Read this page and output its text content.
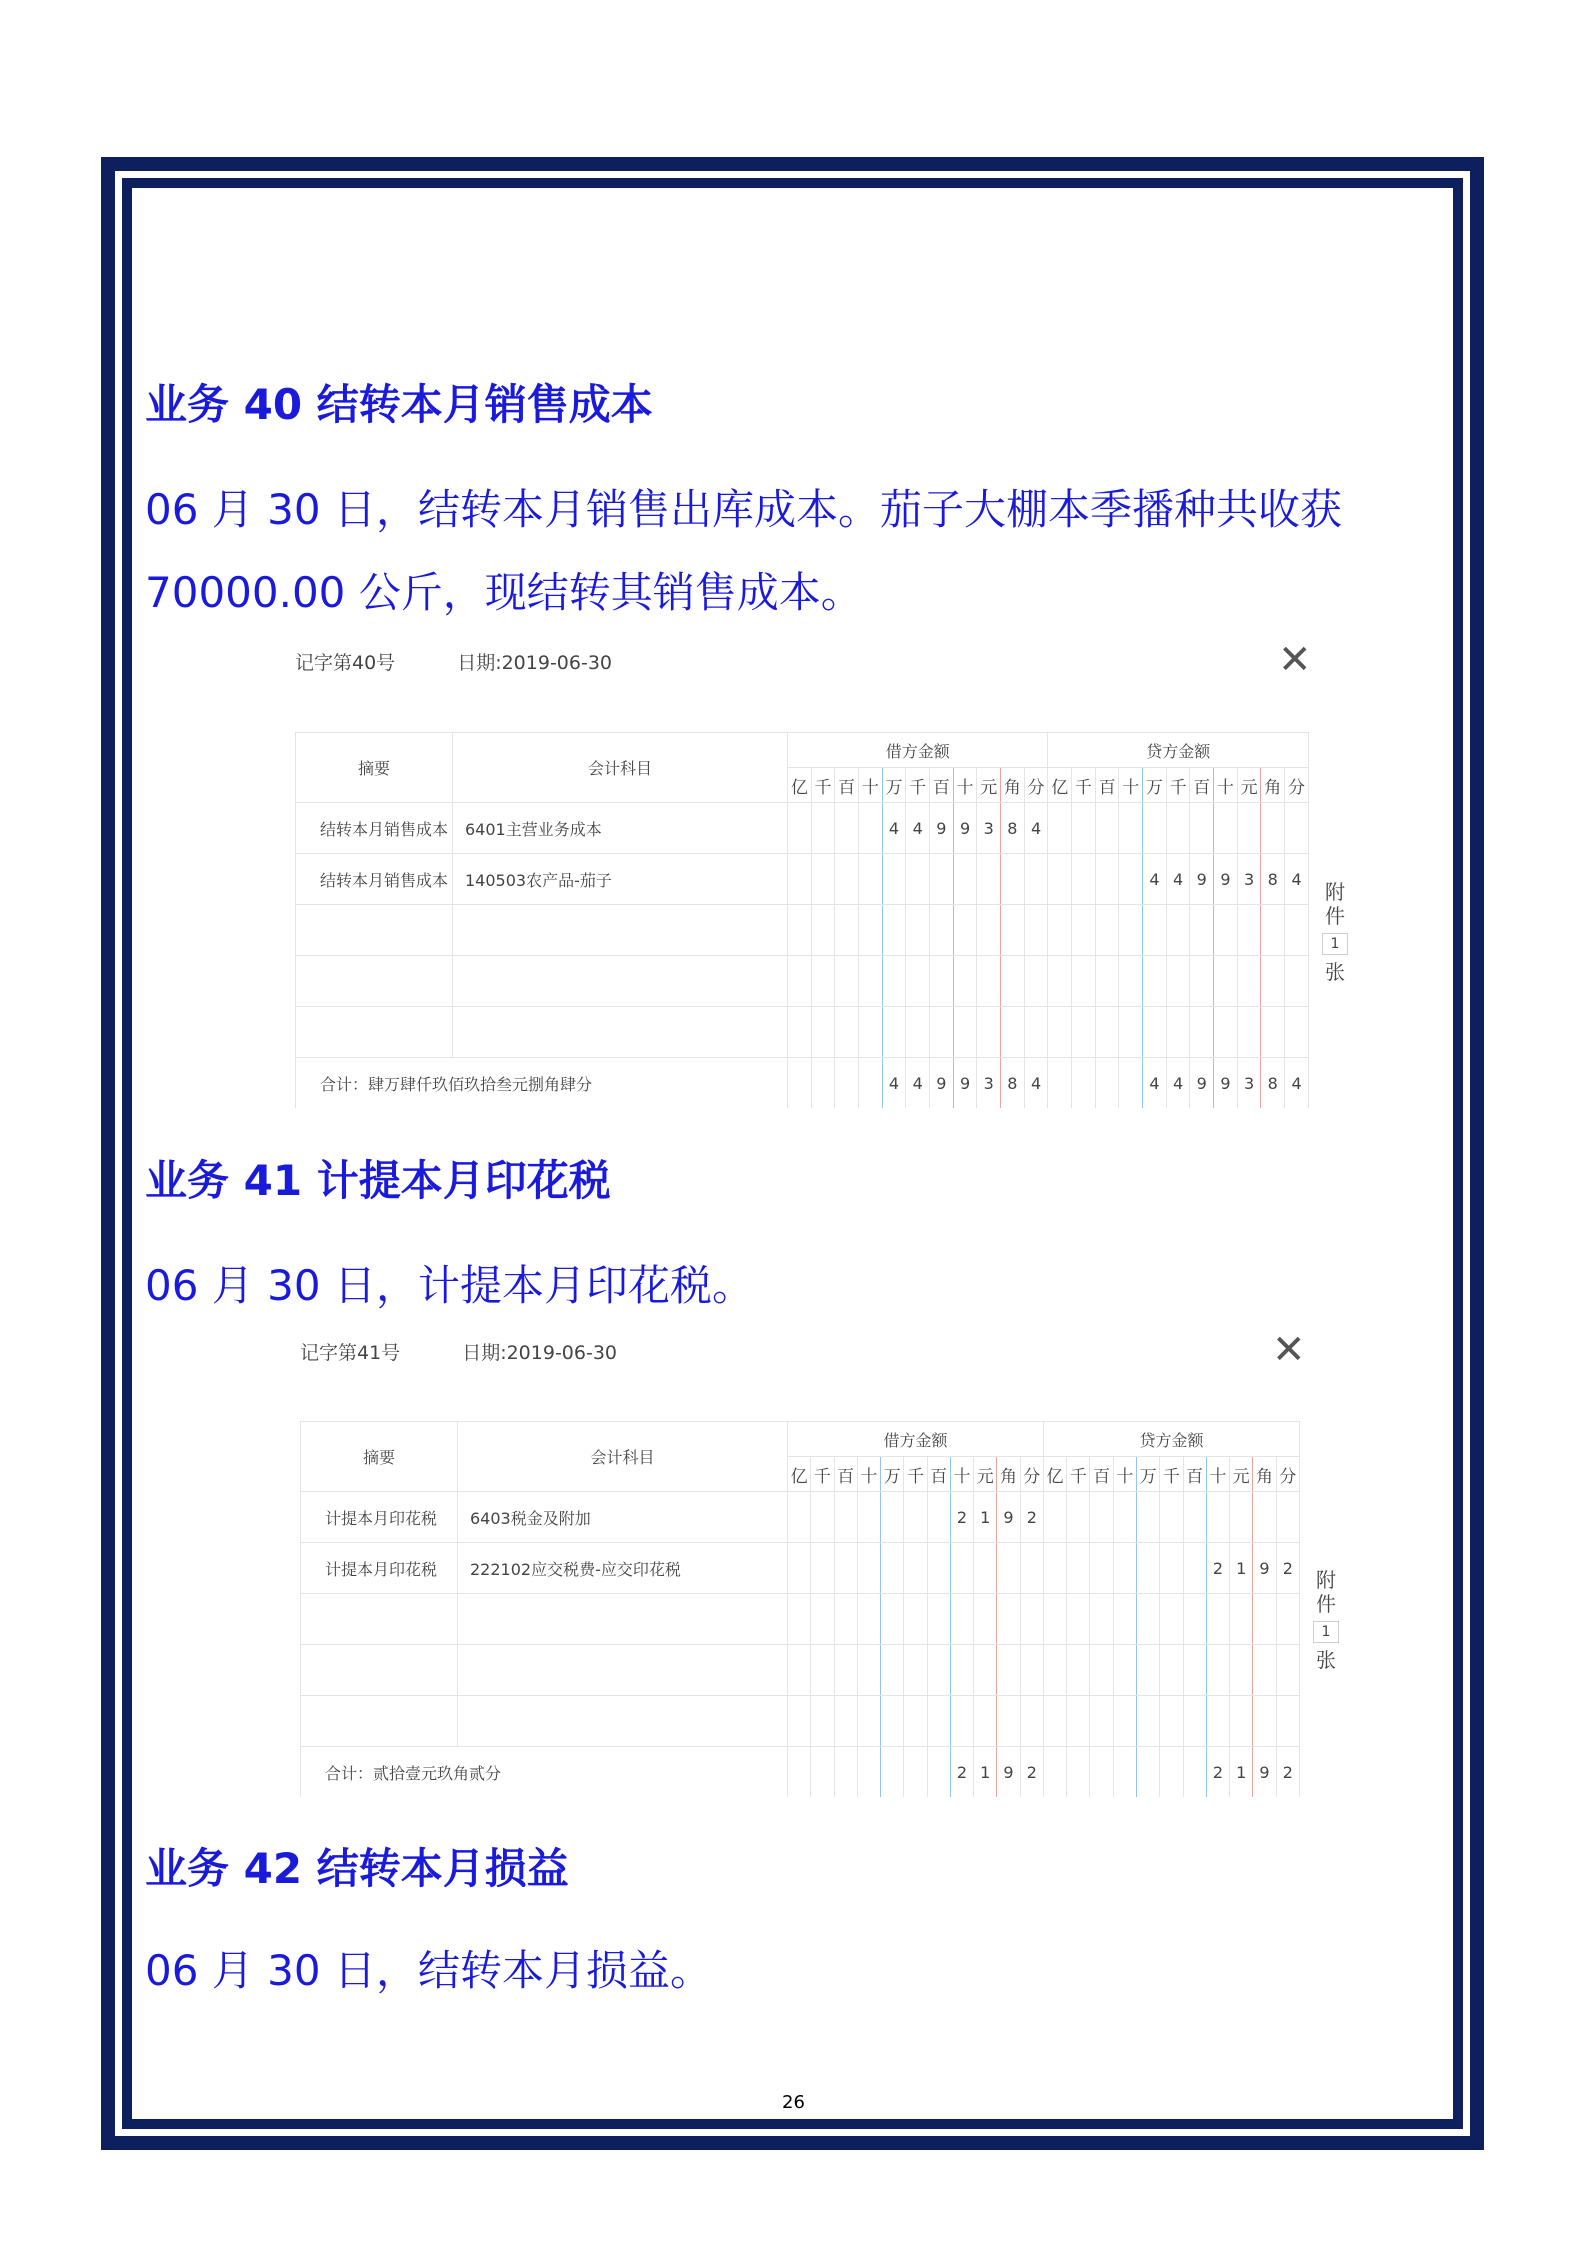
业务 40 结转本月销售成本
06 月 30 日，结转本月销售出库成本。茄子大棚本季播种共收获
70000.00 公斤，现结转其销售成本。
记字第40号	日期:2019-06-30	✕
摘要	会计科目	借方金额											贷方金额										
		亿	千	百	十	万	千	百	十	元	角	分	亿	千	百	十	万	千	百	十	元	角	分
结转本月销售成本	6401主营业务成本					4	4	9	9	3	8	4											
结转本月销售成本	140503农产品-茄子																4	4	9	9	3	8	4

合计：肆万肆仟玖佰玖拾叁元捌角肆分						4	4	9	9	3	8	4					4	4	9	9	3	8	4
附
件
1
张
业务 41 计提本月印花税
06 月 30 日，计提本月印花税。
记字第41号	日期:2019-06-30	✕
摘要	会计科目	借方金额											贷方金额										
		亿	千	百	十	万	千	百	十	元	角	分	亿	千	百	十	万	千	百	十	元	角	分
计提本月印花税	6403税金及附加								2	1	9	2											
计提本月印花税	222102应交税费-应交印花税																			2	1	9	2

合计：贰拾壹元玖角贰分									2	1	9	2								2	1	9	2
附
件
1
张
业务 42 结转本月损益
06 月 30 日，结转本月损益。
26
